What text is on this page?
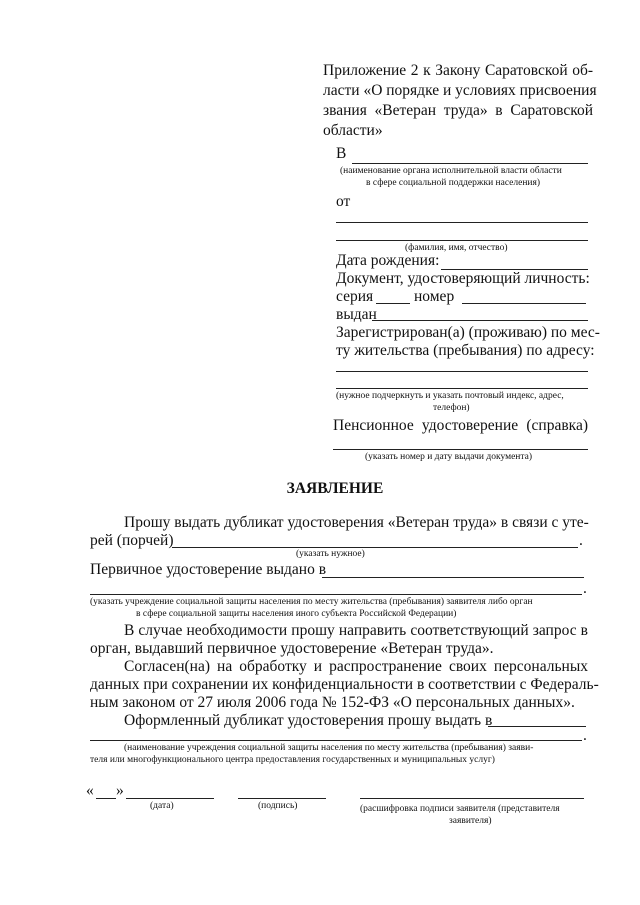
Приложение 2 к Закону Саратовской об-
ласти «О порядке и условиях присвоения
звания «Ветеран труда» в Саратовской
области»
В
(наименование органа исполнительной власти области
в сфере социальной поддержки населения)
от
(фамилия, имя, отчество)
Дата рождения:
Документ, удостоверяющий личность:
серия	номер
выдан
Зарегистрирован(а) (проживаю) по мес-
ту жительства (пребывания) по адресу:
(нужное подчеркнуть и указать почтовый индекс, адрес,
телефон)
Пенсионное удостоверение (справка)
(указать номер и дату выдачи документа)
ЗАЯВЛЕНИЕ
Прошу выдать дубликат удостоверения «Ветеран труда» в связи с уте-
рей (порчей)	.
(указать нужное)
Первичное удостоверение выдано в
.
(указать учреждение социальной защиты населения по месту жительства (пребывания) заявителя либо орган
в сфере социальной защиты населения иного субъекта Российской Федерации)
В случае необходимости прошу направить соответствующий запрос в
орган, выдавший первичное удостоверение «Ветеран труда».
Согласен(на) на обработку и распространение своих персональных
данных при сохранении их конфиденциальности в соответствии с Федераль-
ным законом от 27 июля 2006 года № 152-ФЗ «О персональных данных».
Оформленный дубликат удостоверения прошу выдать в
.
(наименование учреждения социальной защиты населения по месту жительства (пребывания) заяви-
теля или многофункционального центра предоставления государственных и муниципальных услуг)
« »
(дата)	(подпись)	(расшифровка подписи заявителя (представителя
заявителя)
